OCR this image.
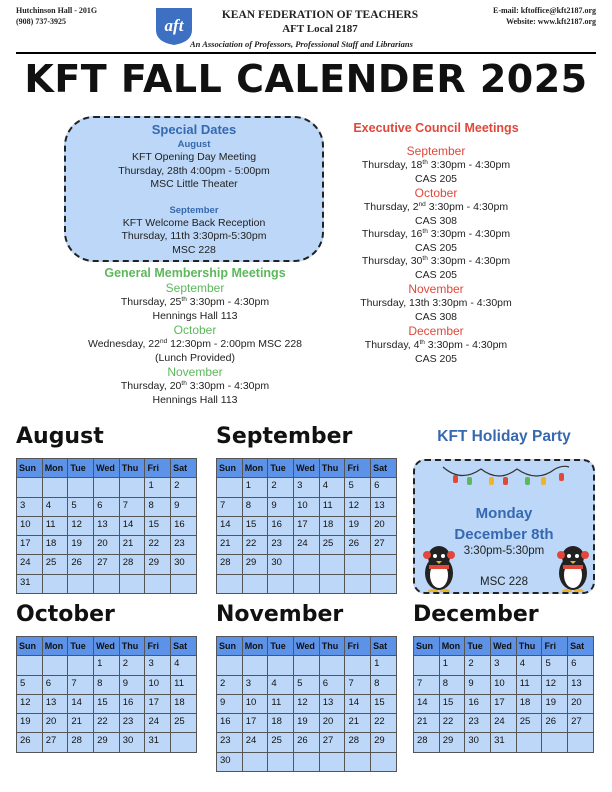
Hutchinson Hall - 201G
(908) 737-3925	aft
KEAN FEDERATION OF TEACHERS
AFT Local 2187
An Association of Professors, Professional Staff and Librarians
E-mail: kftoffice@kft2187.org
Website: www.kft2187.org
KFT FALL CALENDER 2025
Special Dates
August
KFT Opening Day Meeting
Thursday, 28th 4:00pm - 5:00pm
MSC Little Theater
September
KFT Welcome Back Reception
Thursday, 11th 3:30pm-5:30pm
MSC 228
General Membership Meetings
September
Thursday, 25th 3:30pm - 4:30pm
Hennings Hall 113
October
Wednesday, 22nd 12:30pm - 2:00pm MSC 228
(Lunch Provided)
November
Thursday, 20th 3:30pm - 4:30pm
Hennings Hall 113
Executive Council Meetings
September
Thursday, 18th 3:30pm - 4:30pm
CAS 205
October
Thursday, 2nd 3:30pm - 4:30pm
CAS 308
Thursday, 16th 3:30pm - 4:30pm
CAS 205
Thursday, 30th 3:30pm - 4:30pm
CAS 205
November
Thursday, 13th 3:30pm - 4:30pm
CAS 308
December
Thursday, 4th 3:30pm - 4:30pm
CAS 205
August	September
October	November	December
Sun	Mon	Tue	Wed	Thu	Fri	Sat
					1	2
3	4	5	6	7	8	9
10	11	12	13	14	15	16
17	18	19	20	21	22	23
24	25	26	27	28	29	30
31						
Sun	Mon	Tue	Wed	Thu	Fri	Sat
	1	2	3	4	5	6
7	8	9	10	11	12	13
14	15	16	17	18	19	20
21	22	23	24	25	26	27
28	29	30				

Sun	Mon	Tue	Wed	Thu	Fri	Sat
			1	2	3	4
5	6	7	8	9	10	11
12	13	14	15	16	17	18
19	20	21	22	23	24	25
26	27	28	29	30	31	
Sun	Mon	Tue	Wed	Thu	Fri	Sat
						1
2	3	4	5	6	7	8
9	10	11	12	13	14	15
16	17	18	19	20	21	22
23	24	25	26	27	28	29
30						
Sun	Mon	Tue	Wed	Thu	Fri	Sat
	1	2	3	4	5	6
7	8	9	10	11	12	13
14	15	16	17	18	19	20
21	22	23	24	25	26	27
28	29	30	31			
KFT Holiday Party
Monday
December 8th
3:30pm-5:30pm
MSC 228
